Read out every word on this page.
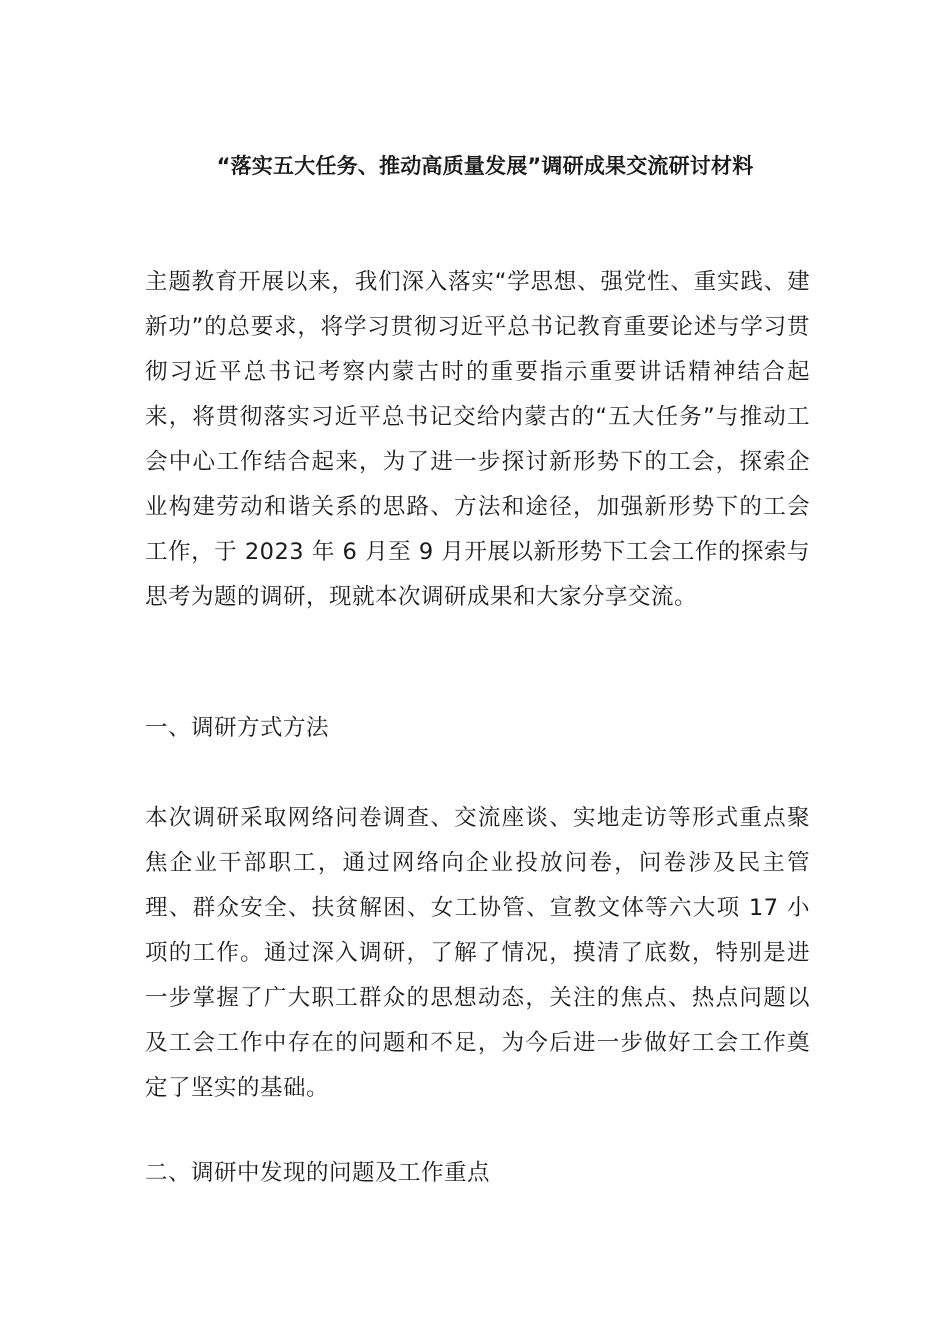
“落实五大任务、推动高质量发展”调研成果交流研讨材料

主题教育开展以来，我们深入落实“学思想、强党性、重实践、建新功”的总要求，将学习贯彻习近平总书记教育重要论述与学习贯彻习近平总书记考察内蒙古时的重要指示重要讲话精神结合起来，将贯彻落实习近平总书记交给内蒙古的“五大任务”与推动工会中心工作结合起来，为了进一步探讨新形势下的工会，探索企业构建劳动和谐关系的思路、方法和途径，加强新形势下的工会工作，于 2023 年 6 月至 9 月开展以新形势下工会工作的探索与思考为题的调研，现就本次调研成果和大家分享交流。

一、调研方式方法

本次调研采取网络问卷调查、交流座谈、实地走访等形式重点聚焦企业干部职工，通过网络向企业投放问卷，问卷涉及民主管理、群众安全、扶贫解困、女工协管、宣教文体等六大项 17 小项的工作。通过深入调研，了解了情况，摸清了底数，特别是进一步掌握了广大职工群众的思想动态，关注的焦点、热点问题以及工会工作中存在的问题和不足，为今后进一步做好工会工作奠定了坚实的基础。

二、调研中发现的问题及工作重点
